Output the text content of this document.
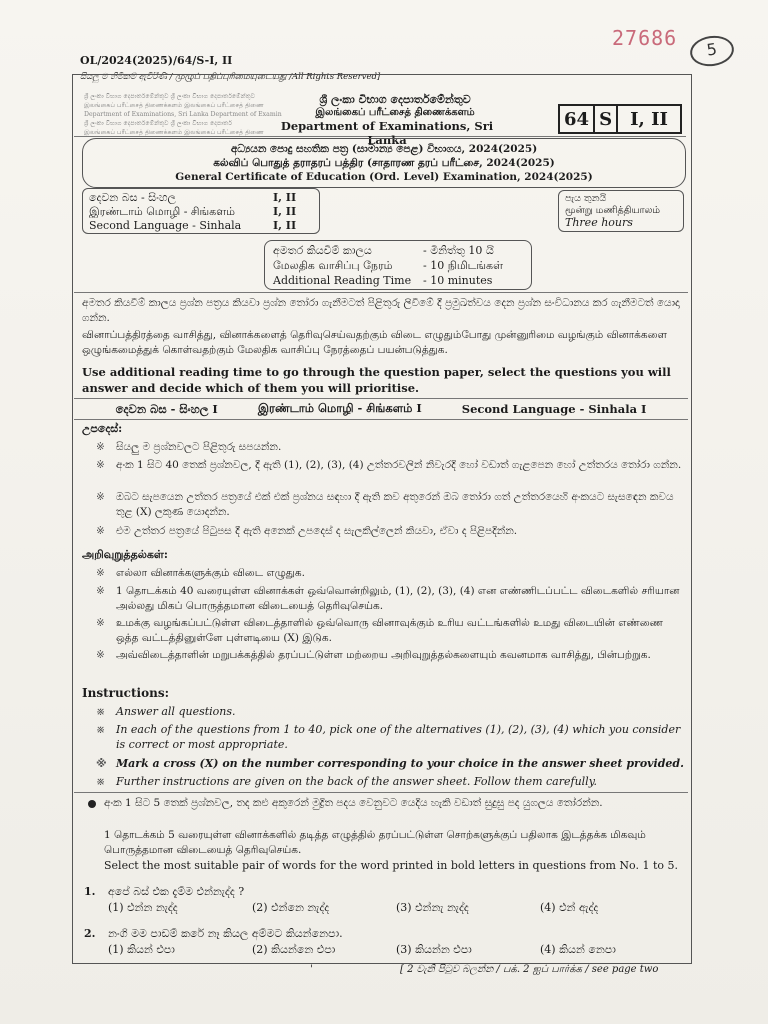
27686	5
OL/2024(2025)/64/S-I, II
සියලු ම හිමිකම් ඇවිරිණි / முழுப் பதிப்புரிமையுடையது /All Rights Reserved]
ශ්‍රී ලංකා විභාග දෙපාර්තමේන්තුව ශ්‍රී ලංකා විභාග දෙපාර්තමේන්තුව
இலங்கைப் பரீட்சைத் திணைக்களம் இலங்கைப் பரீட்சைத் திணை
Department of Examinations, Sri Lanka Department of Examin
ශ්‍රී ලංකා විභාග දෙපාර්තමේන්තුව ශ්‍රී ලංකා විභාග දෙපාර්ත
இலங்கைப் பரீட்சைத் திணைக்களம் இலங்கைப் பரீட்சைத் திணை
ශ්‍රී ලංකා විභාග දෙපාර්තමේන්තුව
இலங்கைப் பரீட்சைத் திணைக்களம்
Department of Examinations, Sri Lanka
64 S	I, II
අධ්‍යයන පොදු සහතික පත්‍ර (සාමාන්‍ය පෙළ) විභාගය, 2024(2025)
கல்விப் பொதுத் தராதரப் பத்திர (சாதாரண தரப் பரீட்சை, 2024(2025)
General Certificate of Education (Ord. Level) Examination, 2024(2025)
දෙවන බස - සිංහල	I, II
இரண்டாம் மொழி - சிங்களம்	I, II
Second Language - Sinhala	I, II
පැය තුනයි
மூன்று மணித்தியாலம்
Three hours
අමතර කියවීම් කාලය	- මිනිත්තු 10 යි
மேலதிக வாசிப்பு நேரம்	- 10 நிமிடங்கள்
Additional Reading Time	- 10 minutes
අමතර කියවීම් කාලය ප්‍රශ්න පත්‍රය කියවා ප්‍රශ්න තෝරා ගැනීමටත් පිළිතුරු ලිවීමේ දී ප්‍රමුඛත්වය දෙන ප්‍රශ්න සංවිධානය කර ගැනීමටත් යොදා ගන්න.
வினாப்பத்திரத்தை வாசித்து, வினாக்களைத் தெரிவுசெய்வதற்கும் விடை எழுதும்போது முன்னுரிமை வழங்கும் வினாக்களை ஒழுங்கமைத்துக் கொள்வதற்கும் மேலதிக வாசிப்பு நேரத்தைப் பயன்படுத்துக.
Use additional reading time to go through the question paper, select the questions you will answer and decide which of them you will prioritise.
දෙවන බස - සිංහල I	இரண்டாம் மொழி - சிங்களம் I	Second Language - Sinhala I
උපදෙස්:
※ සියලු ම ප්‍රශ්නවලට පිළිතුරු සපයන්න.
※ අංක 1 සිට 40 තෙක් ප්‍රශ්නවල, දී ඇති (1), (2), (3), (4) උත්තරවලින් නිවැරදි හෝ වඩාත් ගැළපෙන හෝ උත්තරය තෝරා ගන්න.
※ ඔබට සැපයෙන උත්තර පත්‍රයේ එක් එක් ප්‍රශ්නය සඳහා දී ඇති කව අතුරෙන් ඔබ තෝරා ගත් උත්තරයෙහි අංකයට සැසඳෙන කවය තුළ (X) ලකුණ යොදන්න.
※ එම උත්තර පත්‍රයේ පිටුපස දී ඇති අනෙක් උපදෙස් ද සැලකිල්ලෙන් කියවා, ඒවා ද පිළිපදින්න.
அறிவுறுத்தல்கள்:
※ எல்லா வினாக்களுக்கும் விடை எழுதுக.
※ 1 தொடக்கம் 40 வரையுள்ள வினாக்கள் ஒவ்வொன்றிலும், (1), (2), (3), (4) என எண்ணிடப்பட்ட விடைகளில் சரியான அல்லது மிகப் பொருத்தமான விடையைத் தெரிவுசெய்க.
※ உமக்கு வழங்கப்பட்டுள்ள விடைத்தாளில் ஒவ்வொரு வினாவுக்கும் உரிய வட்டங்களில் உமது விடையின் எண்ணை ஒத்த வட்டத்தினுள்ளே புள்ளடியை (X) இடுக.
※ அவ்விடைத்தாளின் மறுபக்கத்தில் தரப்பட்டுள்ள மற்றைய அறிவுறுத்தல்களையும் கவனமாக வாசித்து, பின்பற்றுக.
Instructions:
※ Answer all questions.
※ In each of the questions from 1 to 40, pick one of the alternatives (1), (2), (3), (4) which you consider is correct or most appropriate.
※ Mark a cross (X) on the number corresponding to your choice in the answer sheet provided.
※ Further instructions are given on the back of the answer sheet. Follow them carefully.
අංක 1 සිට 5 තෙක් ප්‍රශ්නවල, තද කළු අකුරෙන් මුද්‍රිත පදය වෙනුවට යෙදිය හැකි වඩාත් සුදුසු පද යුගලය තෝරන්න.
1 தொடக்கம் 5 வரையுள்ள வினாக்களில் தடித்த எழுத்தில் தரப்பட்டுள்ள சொற்களுக்குப் பதிலாக இடத்தக்க மிகவும் பொருத்தமான விடையைத் தெரிவுசெய்க.
Select the most suitable pair of words for the word printed in bold letters in questions from No. 1 to 5.
1.	අපේ බස් එක දැම්ම එන්නැද්ද ?
(1) එන්න නැද්ද	(2) එන්නෙ නැද්ද	(3) එන්නැ නැද්ද	(4) එන් ඇද්ද
2.	නංගි මම පාඩම් කරේ නෑ කියල අම්මට කියන්නෙපා.
(1) කියන් එපා	(2) කියන්නෙ එපා	(3) කියන්න එපා	(4) කියන් නෙපා
'	[ 2 වැනි පිටුව බලන්න / பக். 2 ஐப் பார்க்க / see page two
